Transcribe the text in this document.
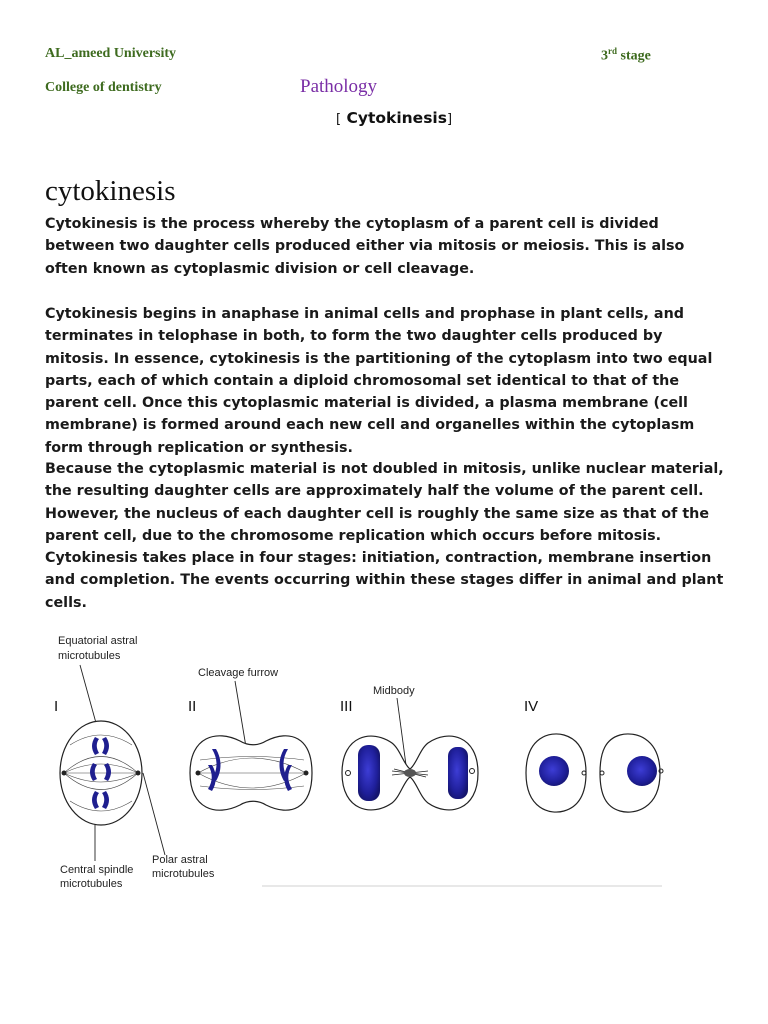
AL_ameed University	3rd stage
College of dentistry	Pathology
[ Cytokinesis]
cytokinesis

Cytokinesis is the process whereby the cytoplasm of a parent cell is divided between two daughter cells produced either via mitosis or meiosis. This is also often known as cytoplasmic division or cell cleavage.

Cytokinesis begins in anaphase in animal cells and prophase in plant cells, and terminates in telophase in both, to form the two daughter cells produced by mitosis. In essence, cytokinesis is the partitioning of the cytoplasm into two equal parts, each of which contain a diploid chromosomal set identical to that of the parent cell. Once this cytoplasmic material is divided, a plasma membrane (cell membrane) is formed around each new cell and organelles within the cytoplasm form through replication or synthesis.

Because the cytoplasmic material is not doubled in mitosis, unlike nuclear material, the resulting daughter cells are approximately half the volume of the parent cell. However, the nucleus of each daughter cell is roughly the same size as that of the parent cell, due to the chromosome replication which occurs before mitosis. Cytokinesis takes place in four stages: initiation, contraction, membrane insertion and completion. The events occurring within these stages differ in animal and plant cells.

Equatorial astral
microtubules
Cleavage furrow
Midbody
Central spindle
microtubules
Polar astral
microtubules
I	II	III	IV
